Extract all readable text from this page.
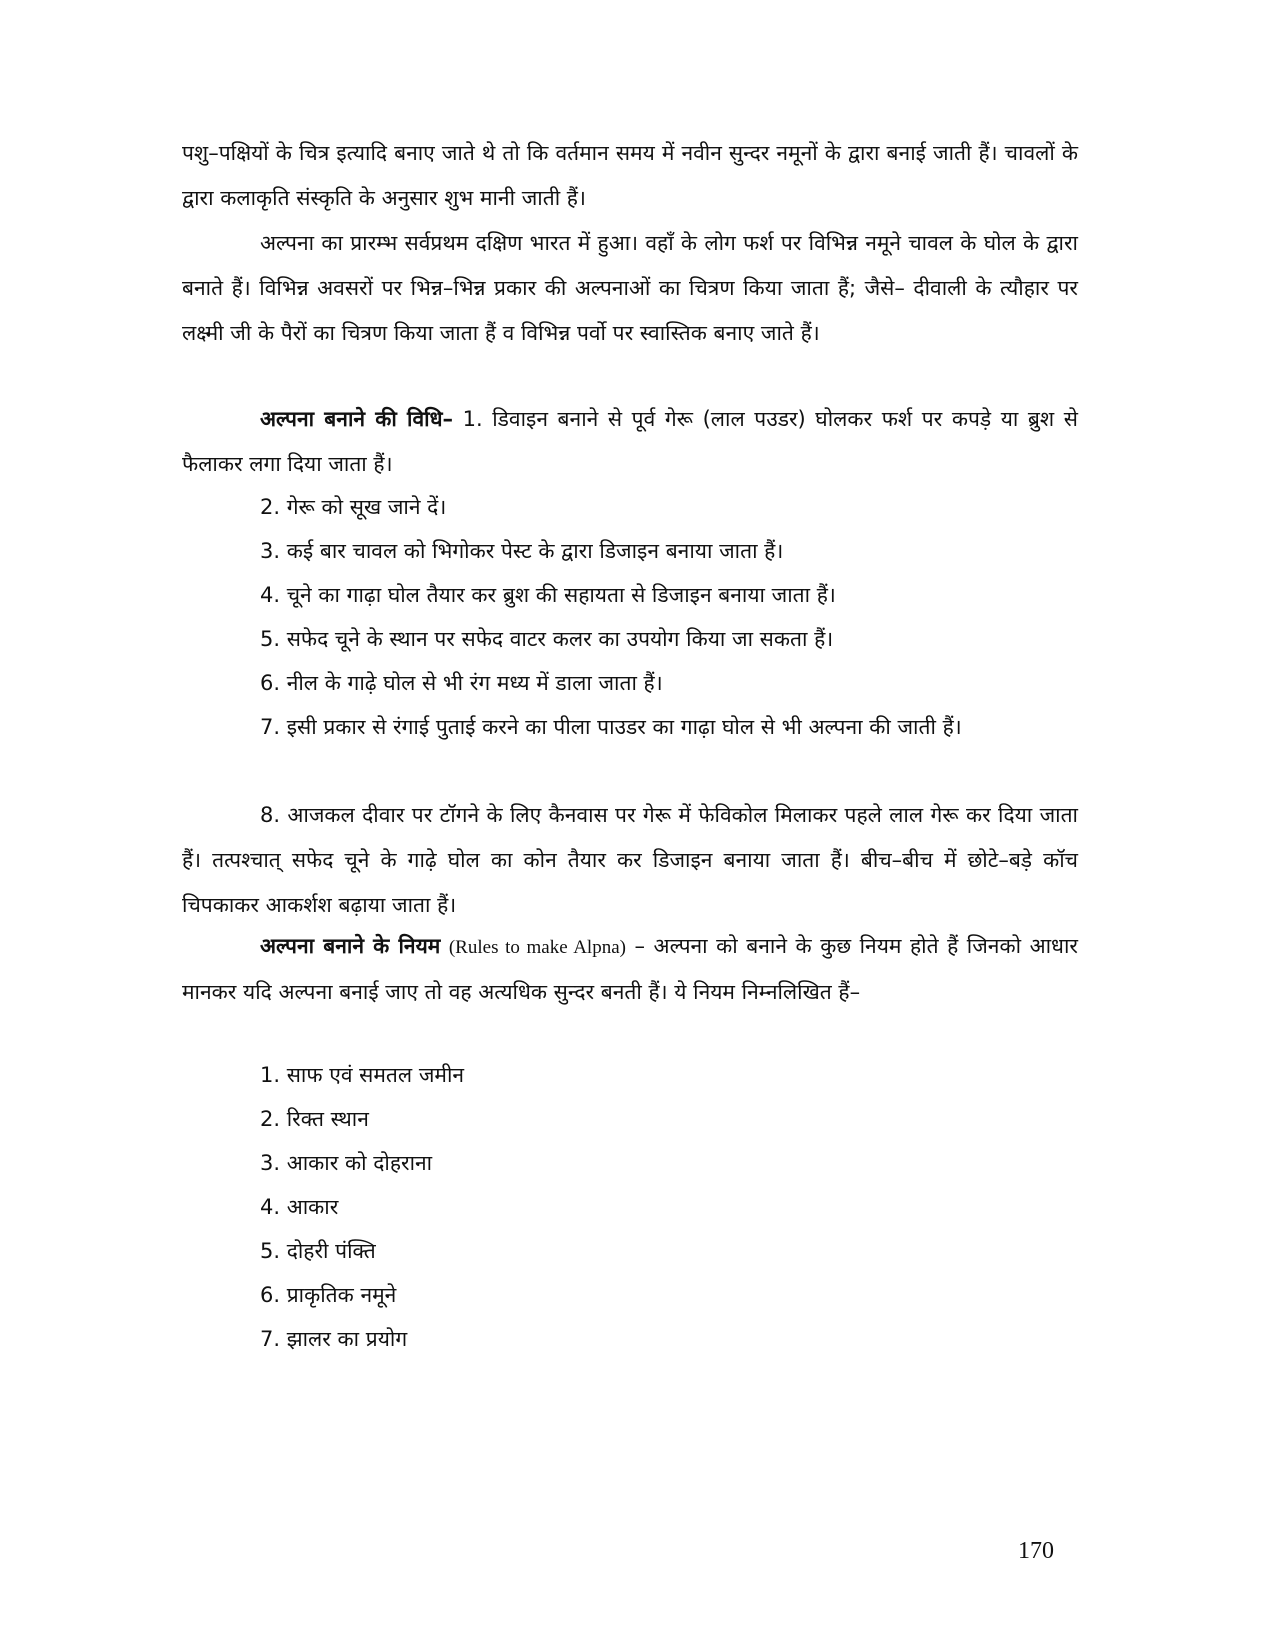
पशु–पक्षियों के चित्र इत्यादि बनाए जाते थे तो कि वर्तमान समय में नवीन सुन्दर नमूनों के द्वारा बनाई जाती हैं। चावलों के द्वारा कलाकृति संस्कृति के अनुसार शुभ मानी जाती हैं।

अल्पना का प्रारम्भ सर्वप्रथम दक्षिण भारत में हुआ। वहाँ के लोग फर्श पर विभिन्न नमूने चावल के घोल के द्वारा बनाते हैं। विभिन्न अवसरों पर भिन्न–भिन्न प्रकार की अल्पनाओं का चित्रण किया जाता हैं; जैसे– दीवाली के त्यौहार पर लक्ष्मी जी के पैरों का चित्रण किया जाता हैं व विभिन्न पर्वो पर स्वास्तिक बनाए जाते हैं।

अल्पना बनाने की विधि– 1. डिवाइन बनाने से पूर्व गेरू (लाल पउडर) घोलकर फर्श पर कपड़े या ब्रुश से फैलाकर लगा दिया जाता हैं।

2. गेरू को सूख जाने दें।

3. कई बार चावल को भिगोकर पेस्ट के द्वारा डिजाइन बनाया जाता हैं।

4. चूने का गाढ़ा घोल तैयार कर ब्रुश की सहायता से डिजाइन बनाया जाता हैं।

5. सफेद चूने के स्थान पर सफेद वाटर कलर का उपयोग किया जा सकता हैं।

6. नील के गाढ़े घोल से भी रंग मध्य में डाला जाता हैं।

7. इसी प्रकार से रंगाई पुताई करने का पीला पाउडर का गाढ़ा घोल से भी अल्पना की जाती हैं।

8. आजकल दीवार पर टॉगने के लिए कैनवास पर गेरू में फेविकोल मिलाकर पहले लाल गेरू कर दिया जाता हैं। तत्पश्चात् सफेद चूने के गाढ़े घोल का कोन तैयार कर डिजाइन बनाया जाता हैं। बीच–बीच में छोटे–बड़े कॉच चिपकाकर आकर्शश बढ़ाया जाता हैं।

अल्पना बनाने के नियम (Rules to make Alpna) – अल्पना को बनाने के कुछ नियम होते हैं जिनको आधार मानकर यदि अल्पना बनाई जाए तो वह अत्यधिक सुन्दर बनती हैं। ये नियम निम्नलिखित हैं–

1. साफ एवं समतल जमीन

2. रिक्त स्थान

3. आकार को दोहराना

4. आकार

5. दोहरी पंक्ति

6. प्राकृतिक नमूने

7. झालर का प्रयोग

170
